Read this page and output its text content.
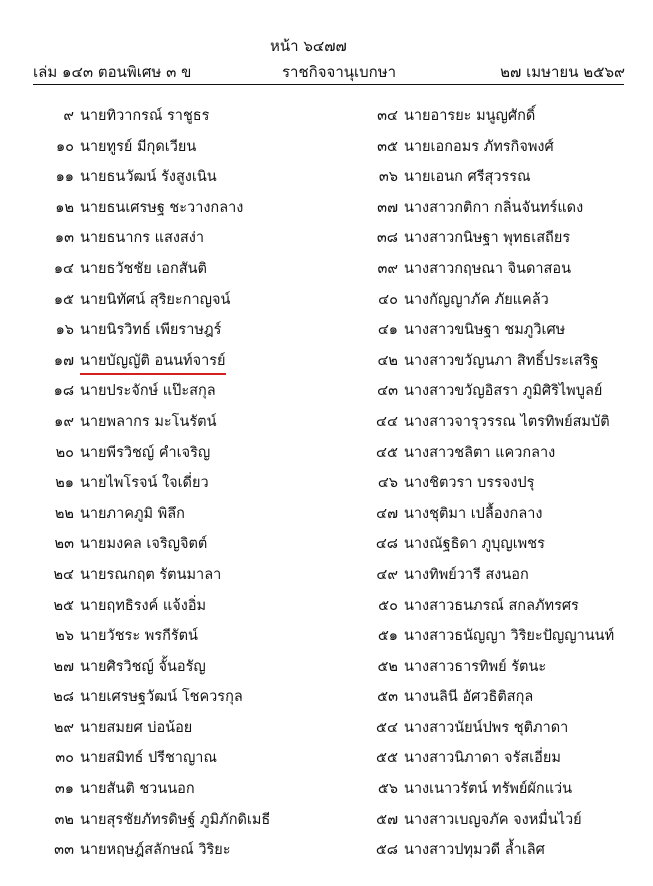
หน้า ๖๔๗๗
เล่ม ๑๔๓ ตอนพิเศษ ๓ ข	ราชกิจจานุเบกษา	๒๗ เมษายน ๒๕๖๙
๙ นายทิวากรณ์ ราชูธร
๑๐ นายทูรย์ มีกุดเวียน
๑๑ นายธนวัฒน์ รังสูงเนิน
๑๒ นายธนเศรษฐ ชะวางกลาง
๑๓ นายธนากร แสงสง่า
๑๔ นายธวัชชัย เอกสันติ
๑๕ นายนิทัศน์ สุริยะกาญจน์
๑๖ นายนิรวิทธ์ เพียราษฎร์
๑๗ นายบัญญัติ อนนท์จารย์
๑๘ นายประจักษ์ แป๊ะสกุล
๑๙ นายพลากร มะโนรัตน์
๒๐ นายพีรวิชญ์ คำเจริญ
๒๑ นายไพโรจน์ ใจเดี่ยว
๒๒ นายภาคภูมิ พิลึก
๒๓ นายมงคล เจริญจิตต์
๒๔ นายรณกฤต รัตนมาลา
๒๕ นายฤทธิรงค์ แจ้งอิ่ม
๒๖ นายวัชระ พรกีรัตน์
๒๗ นายศิรวิชญ์ จั้นอรัญ
๒๘ นายเศรษฐวัฒน์ โชควรกุล
๒๙ นายสมยศ บ่อน้อย
๓๐ นายสมิทธ์ ปรีชาญาณ
๓๑ นายสันติ ชวนนอก
๓๒ นายสุรชัยภัทรดิษฐ์ ภูมิภักดิเมธี
๓๓ นายหฤษฎ์สลักษณ์ วิริยะ
๓๔ นายอารยะ มนูญศักดิ์
๓๕ นายเอกอมร ภัทรกิจพงศ์
๓๖ นายเอนก ศรีสุวรรณ
๓๗ นางสาวกติกา กลิ่นจันทร์แดง
๓๘ นางสาวกนิษฐา พุทธเสถียร
๓๙ นางสาวกฤษณา จินดาสอน
๔๐ นางกัญญาภัค ภัยแคล้ว
๔๑ นางสาวขนิษฐา ชมภูวิเศษ
๔๒ นางสาวขวัญนภา สิทธิ์ประเสริฐ
๔๓ นางสาวขวัญอิสรา ภูมิศิริไพบูลย์
๔๔ นางสาวจารุวรรณ ไตรทิพย์สมบัติ
๔๕ นางสาวชลิตา แควกลาง
๔๖ นางชิตวรา บรรจงปรุ
๔๗ นางชุติมา เปลื้องกลาง
๔๘ นางณัฐธิดา ภูบุญเพชร
๔๙ นางทิพย์วารี สงนอก
๕๐ นางสาวธนภรณ์ สกลภัทรศร
๕๑ นางสาวธนัญญา วิริยะปัญญานนท์
๕๒ นางสาวธารทิพย์ รัตนะ
๕๓ นางนลินี อัศวธิติสกุล
๕๔ นางสาวนัยน์ปพร ชุติภาดา
๕๕ นางสาวนิภาดา จรัสเอี่ยม
๕๖ นางเนาวรัตน์ ทรัพย์ผักแว่น
๕๗ นางสาวเบญจภัค จงหมื่นไวย์
๕๘ นางสาวปทุมวดี ล้ำเลิศ
